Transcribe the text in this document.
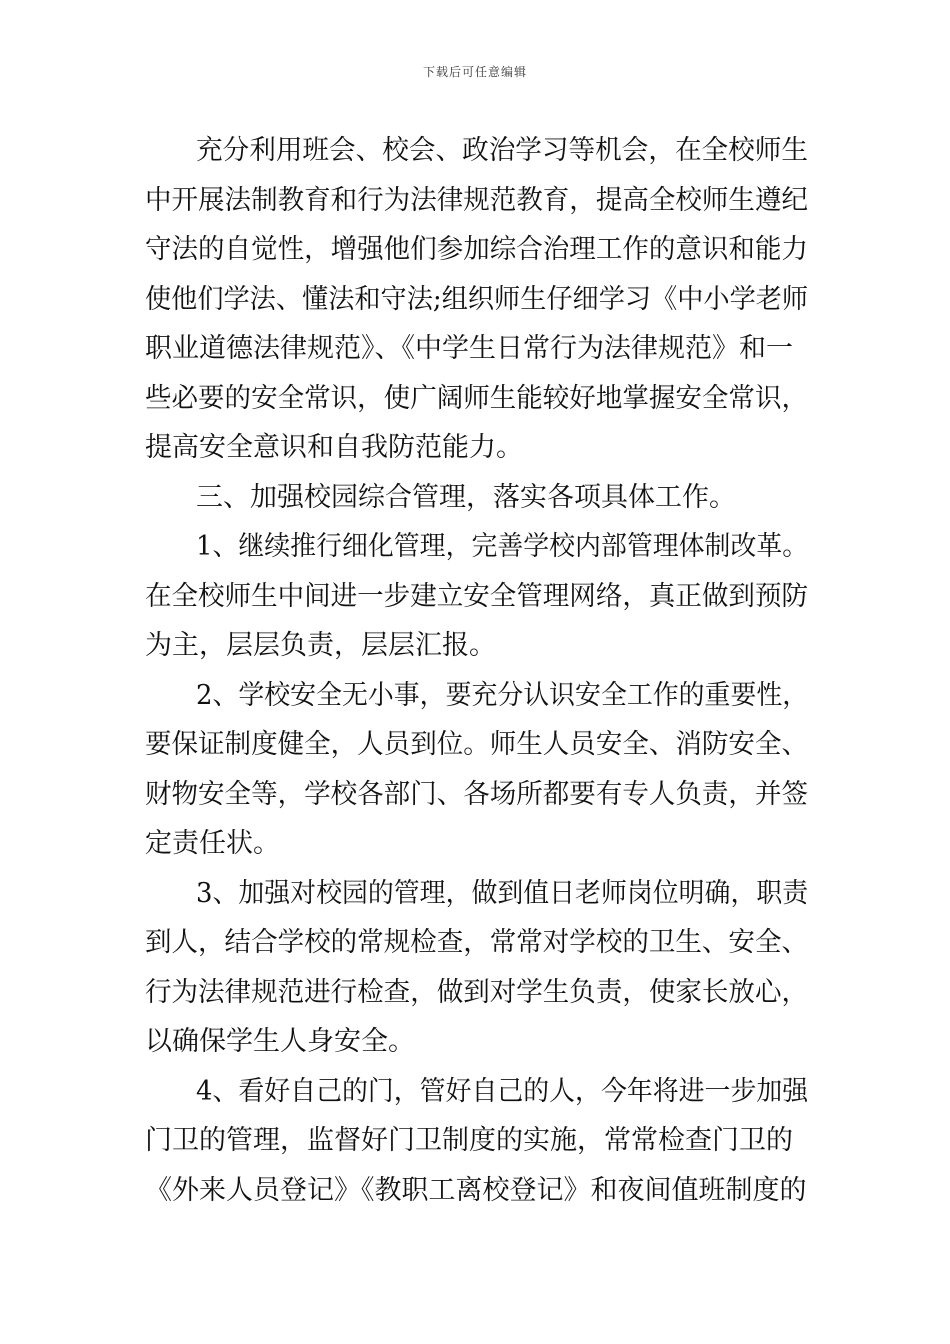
下载后可任意编辑
充分利用班会、校会、政治学习等机会，在全校师生
中开展法制教育和行为法律规范教育，提高全校师生遵纪
守法的自觉性，增强他们参加综合治理工作的意识和能力
使他们学法、懂法和守法;组织师生仔细学习《中小学老师
职业道德法律规范》、《中学生日常行为法律规范》和一
些必要的安全常识，使广阔师生能较好地掌握安全常识，
提高安全意识和自我防范能力。
三、加强校园综合管理，落实各项具体工作。
1、继续推行细化管理，完善学校内部管理体制改革。
在全校师生中间进一步建立安全管理网络，真正做到预防
为主，层层负责，层层汇报。
2、学校安全无小事，要充分认识安全工作的重要性，
要保证制度健全，人员到位。师生人员安全、消防安全、
财物安全等，学校各部门、各场所都要有专人负责，并签
定责任状。
3、加强对校园的管理，做到值日老师岗位明确，职责
到人，结合学校的常规检查，常常对学校的卫生、安全、
行为法律规范进行检查，做到对学生负责，使家长放心，
以确保学生人身安全。
4、看好自己的门，管好自己的人，今年将进一步加强
门卫的管理，监督好门卫制度的实施，常常检查门卫的
《外来人员登记》《教职工离校登记》和夜间值班制度的
